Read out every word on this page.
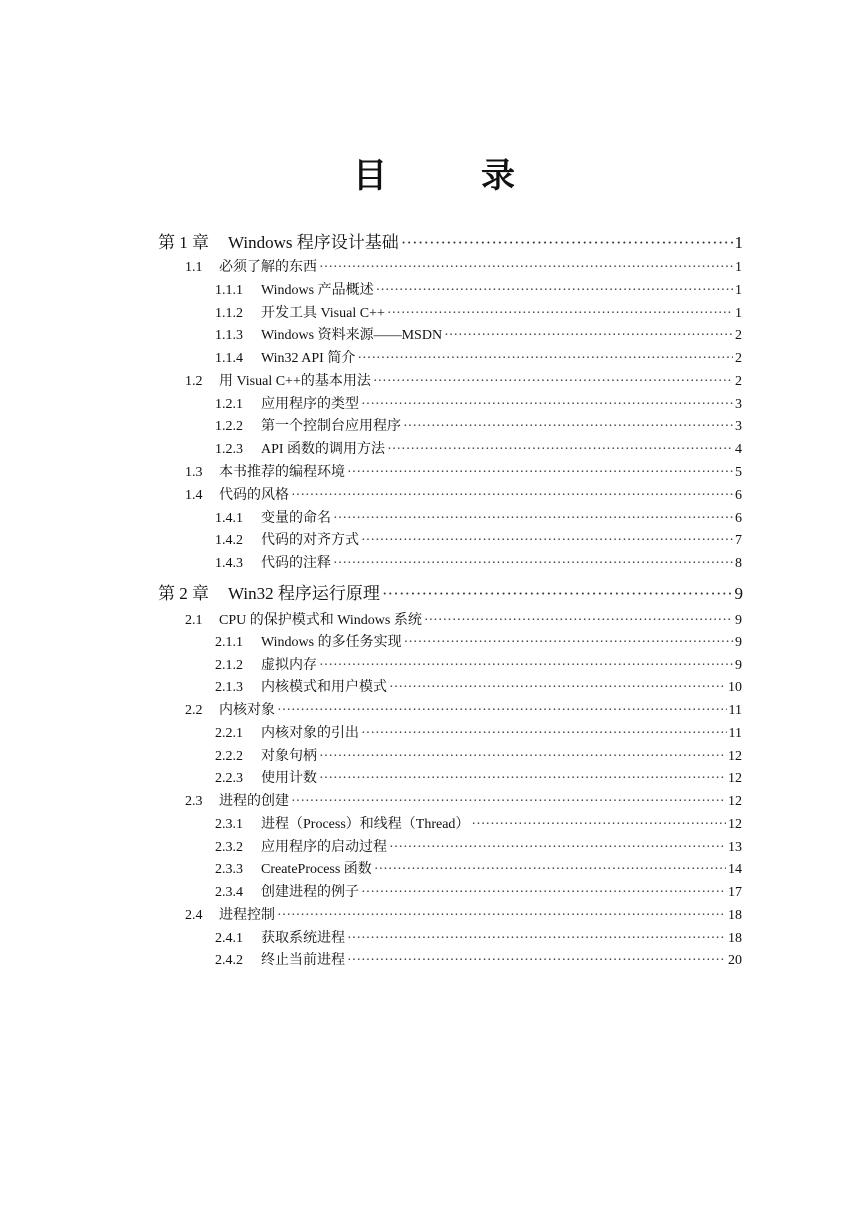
目　录
第 1 章	Windows 程序设计基础 ·····	1
1.1	必须了解的东西 ·····	1
1.1.1	Windows 产品概述 ·····	1
1.1.2	开发工具 Visual C++ ·····	1
1.1.3	Windows 资料来源——MSDN ·····	2
1.1.4	Win32 API 简介 ·····	2
1.2	用 Visual C++的基本用法 ·····	2
1.2.1	应用程序的类型 ·····	3
1.2.2	第一个控制台应用程序 ·····	3
1.2.3	API 函数的调用方法 ·····	4
1.3	本书推荐的编程环境 ·····	5
1.4	代码的风格 ·····	6
1.4.1	变量的命名 ·····	6
1.4.2	代码的对齐方式 ·····	7
1.4.3	代码的注释 ·····	8
第 2 章	Win32 程序运行原理 ·····	9
2.1	CPU 的保护模式和 Windows 系统 ·····	9
2.1.1	Windows 的多任务实现 ·····	9
2.1.2	虚拟内存 ·····	9
2.1.3	内核模式和用户模式 ·····	10
2.2	内核对象 ·····	11
2.2.1	内核对象的引出 ·····	11
2.2.2	对象句柄 ·····	12
2.2.3	使用计数 ·····	12
2.3	进程的创建 ·····	12
2.3.1	进程（Process）和线程（Thread） ·····	12
2.3.2	应用程序的启动过程 ·····	13
2.3.3	CreateProcess 函数 ·····	14
2.3.4	创建进程的例子 ·····	17
2.4	进程控制 ·····	18
2.4.1	获取系统进程 ·····	18
2.4.2	终止当前进程 ·····	20
